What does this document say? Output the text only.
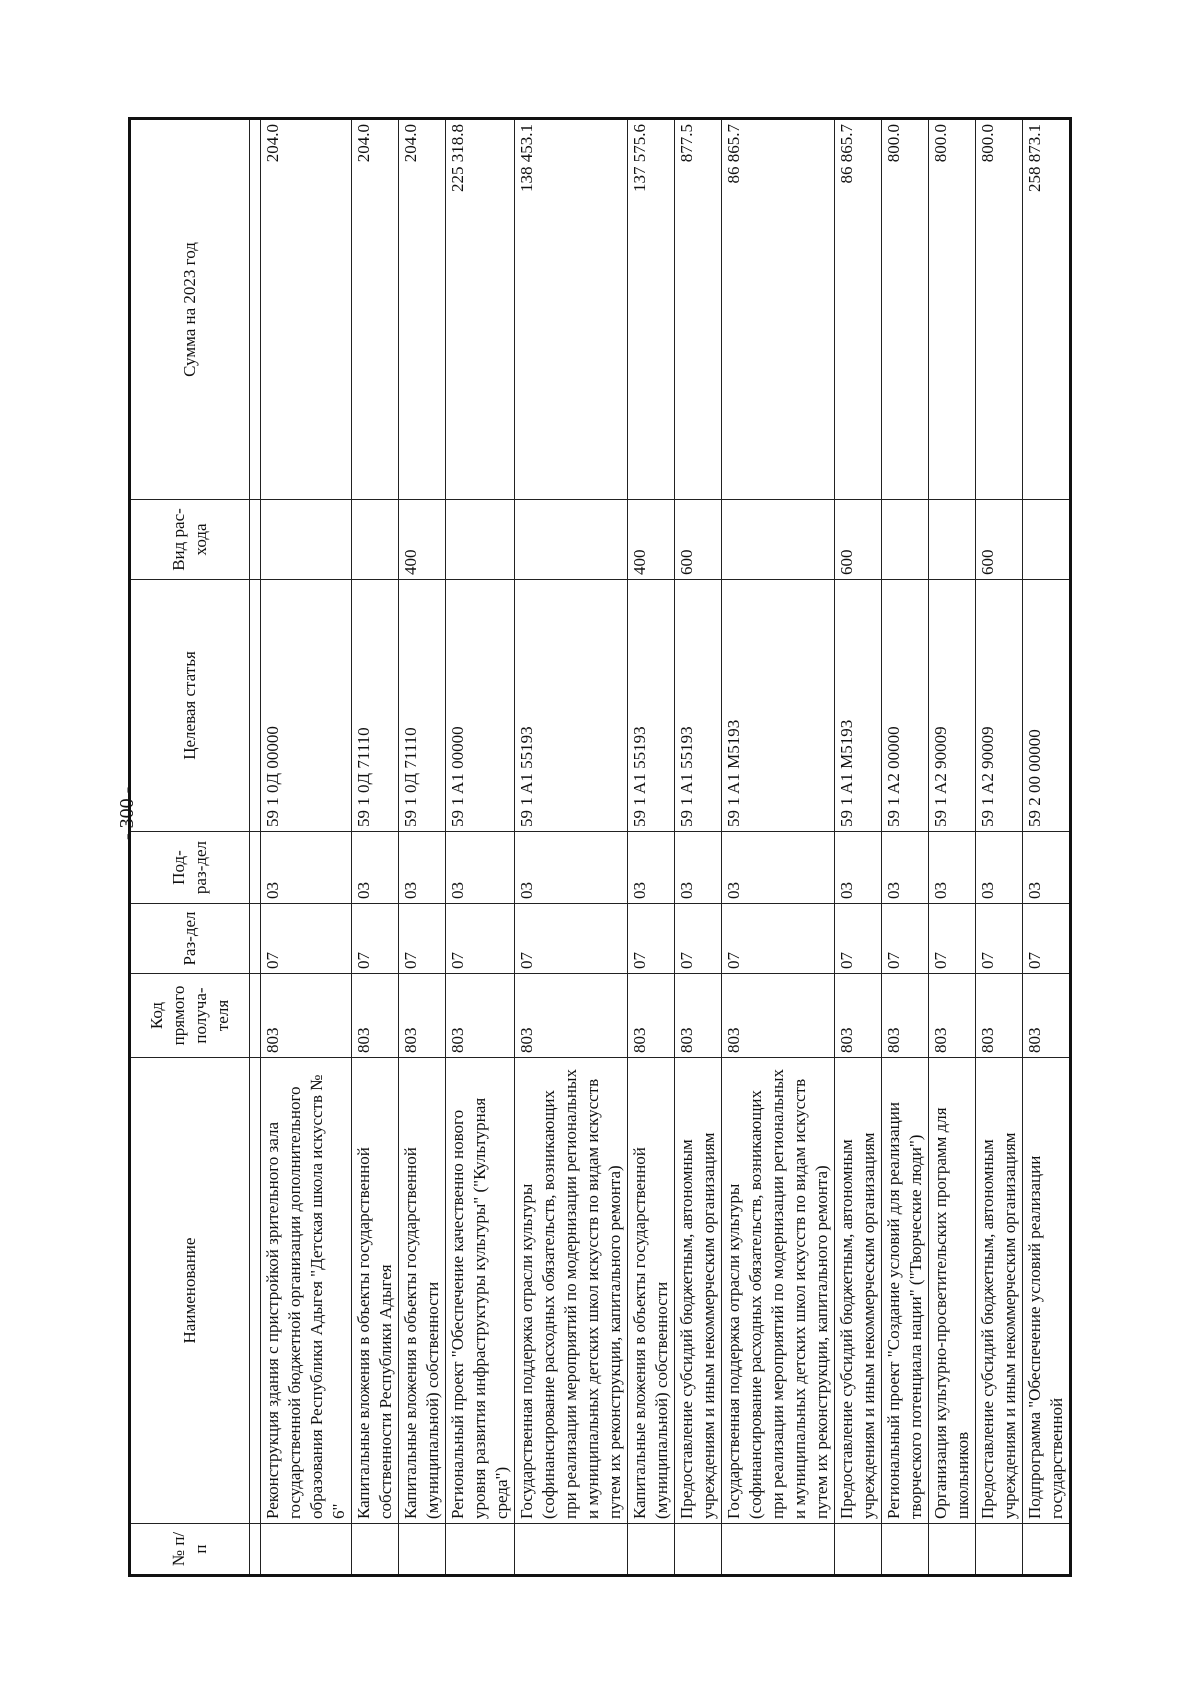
- 300 -
№ п/п	Наименование	Код прямого получа-теля	Раз-дел	Под-раз-дел	Целевая статья	Вид рас-хода	Сумма на 2023 год

	Реконструкция здания с пристройкой зрительного зала государственной бюджетной организации дополнительного образования Республики Адыгея "Детская школа искусств № 6"	803	07	03	59 1 0Д 00000		204.0
	Капитальные вложения в объекты государственной собственности Республики Адыгея	803	07	03	59 1 0Д 71110		204.0
	Капитальные вложения в объекты государственной (муниципальной) собственности	803	07	03	59 1 0Д 71110	400	204.0
	Региональный проект "Обеспечение качественно нового уровня развития инфраструктуры культуры" ("Культурная среда")	803	07	03	59 1 A1 00000		225 318.8
	Государственная поддержка отрасли культуры (софинансирование расходных обязательств, возникающих при реализации мероприятий по модернизации региональных и муниципальных детских школ искусств по видам искусств путем их реконструкции, капитального ремонта)	803	07	03	59 1 A1 55193		138 453.1
	Капитальные вложения в объекты государственной (муниципальной) собственности	803	07	03	59 1 A1 55193	400	137 575.6
	Предоставление субсидий бюджетным, автономным учреждениям и иным некоммерческим организациям	803	07	03	59 1 A1 55193	600	877.5
	Государственная поддержка отрасли культуры (софинансирование расходных обязательств, возникающих при реализации мероприятий по модернизации региональных и муниципальных детских школ искусств по видам искусств путем их реконструкции, капитального ремонта)	803	07	03	59 1 A1 M5193		86 865.7
	Предоставление субсидий бюджетным, автономным учреждениям и иным некоммерческим организациям	803	07	03	59 1 A1 M5193	600	86 865.7
	Региональный проект "Создание условий для реализации творческого потенциала нации" ("Творческие люди")	803	07	03	59 1 A2 00000		800.0
	Организация культурно-просветительских программ для школьников	803	07	03	59 1 A2 90009		800.0
	Предоставление субсидий бюджетным, автономным учреждениям и иным некоммерческим организациям	803	07	03	59 1 A2 90009	600	800.0
	Подпрограмма "Обеспечение условий реализации государственной	803	07	03	59 2 00 00000		258 873.1
